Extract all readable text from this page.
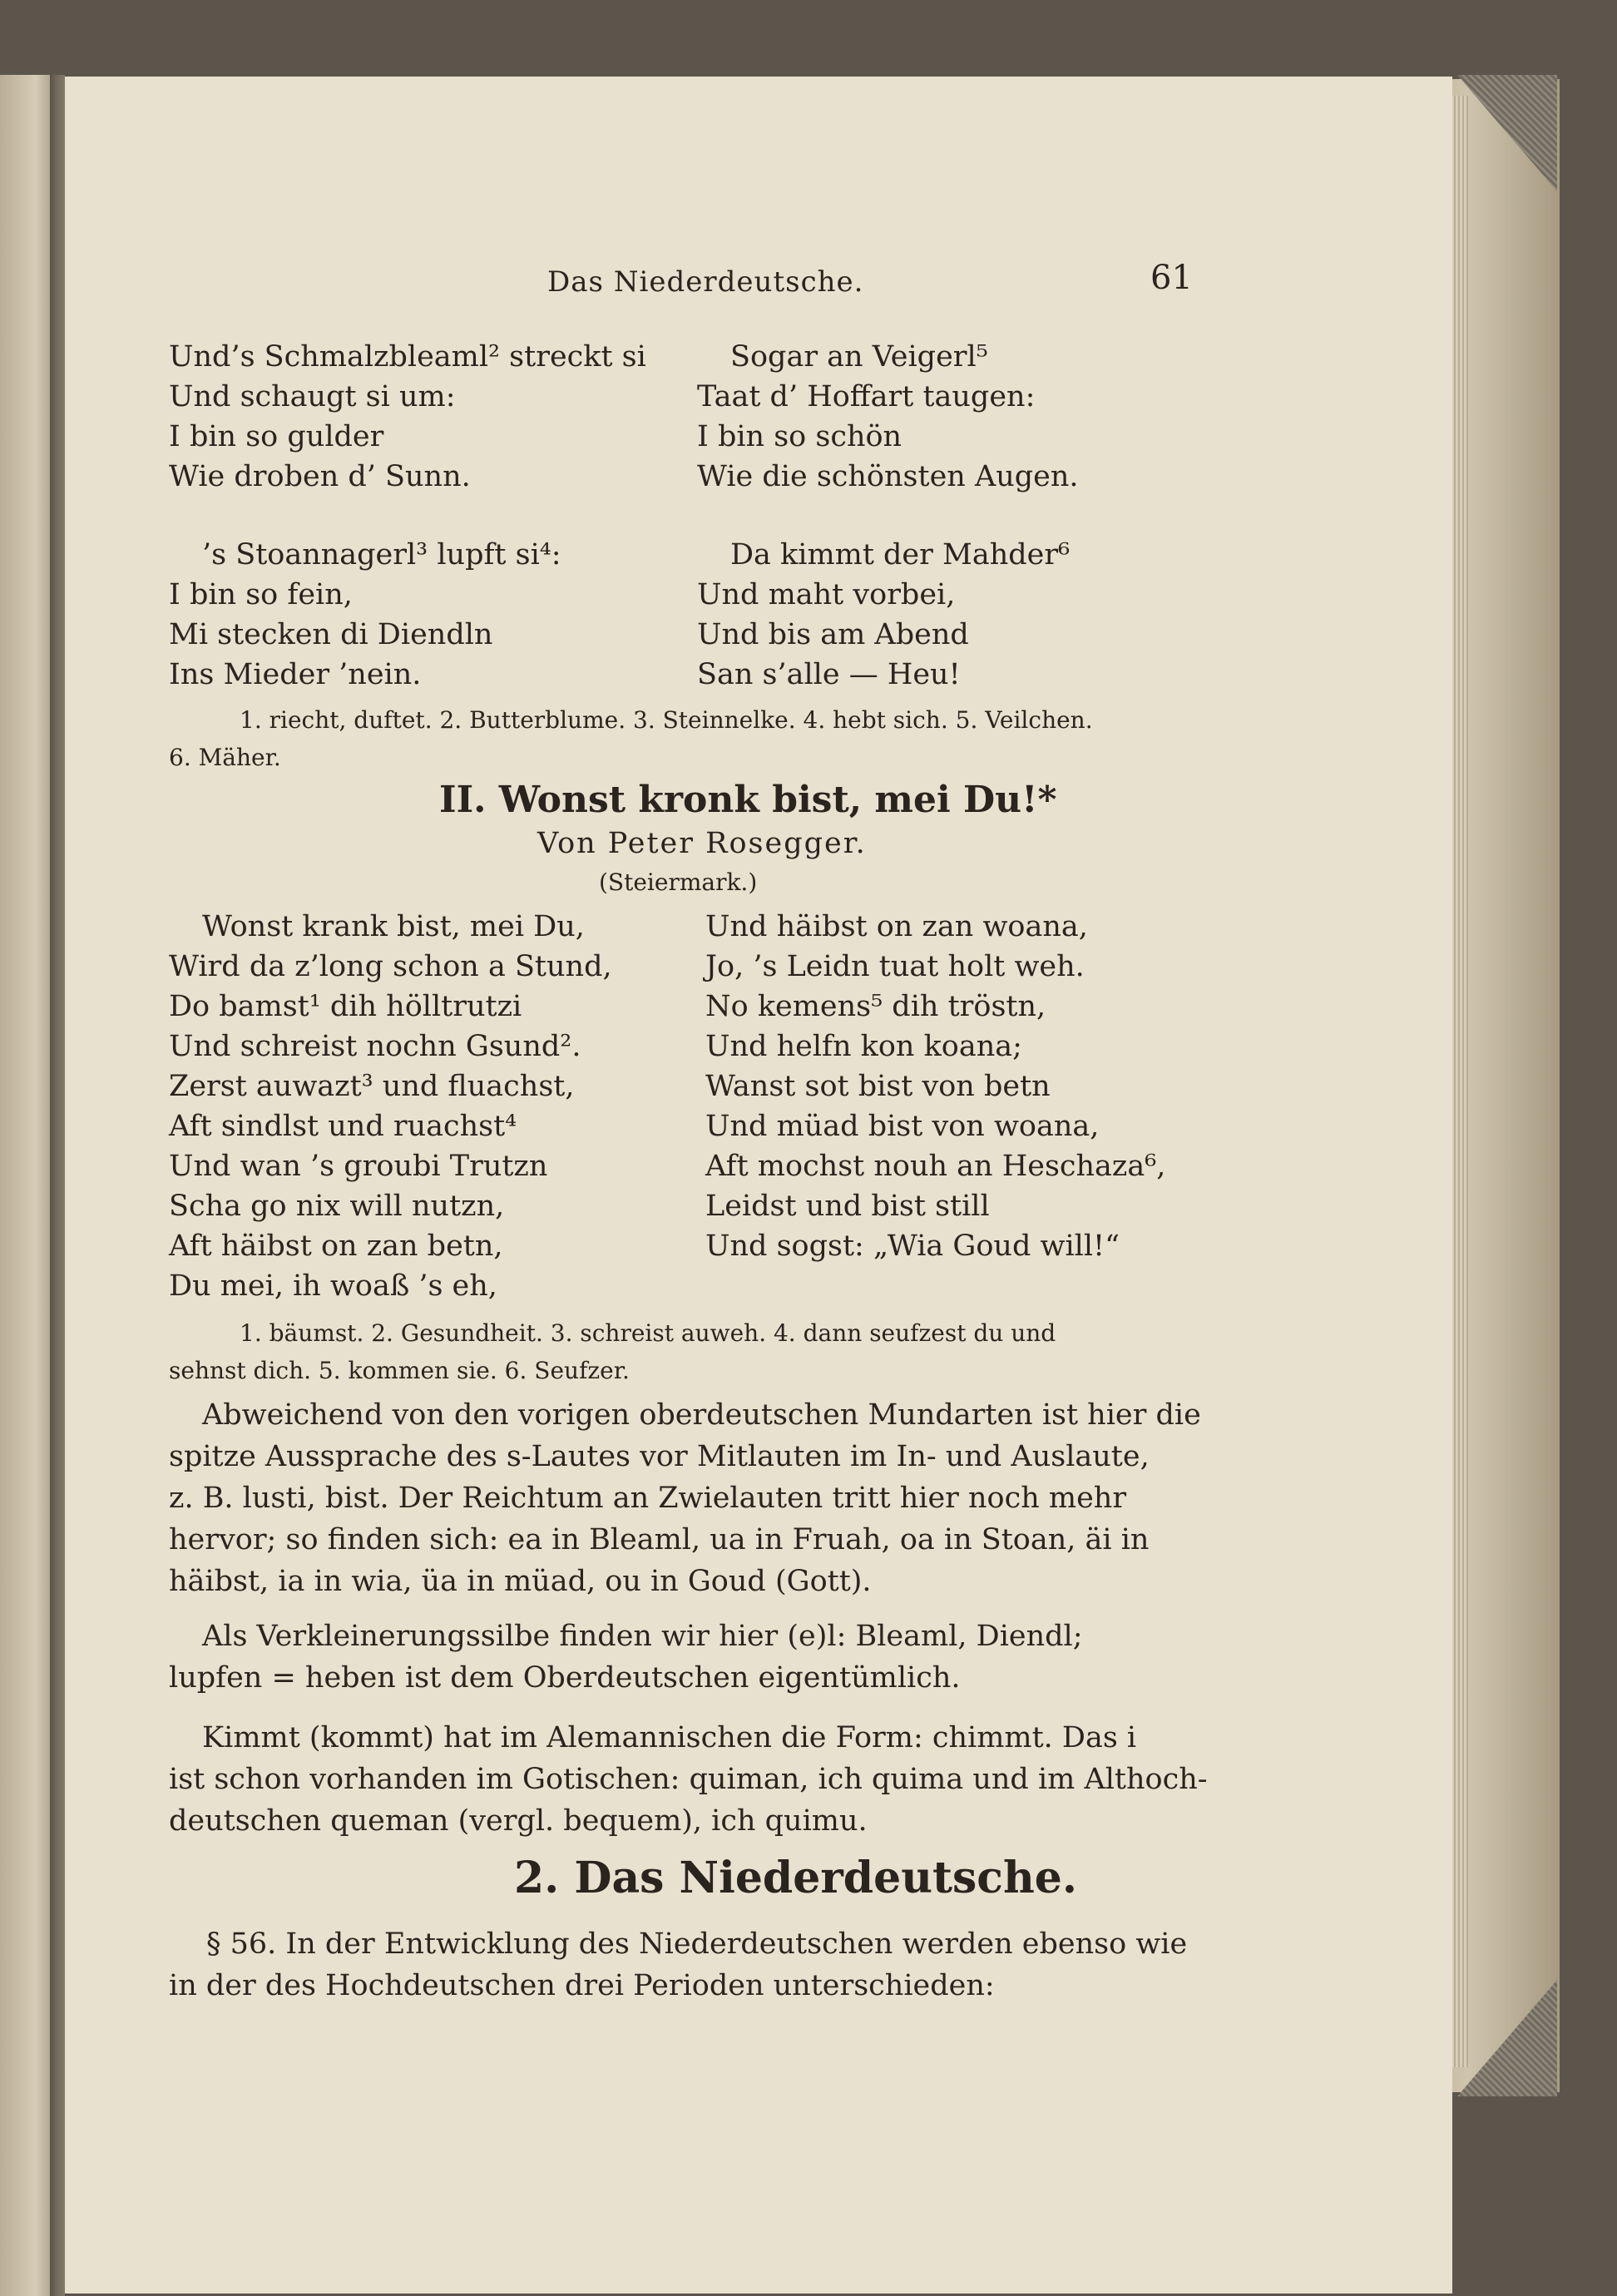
Das Niederdeutsche.	61
Und’s Schmalzbleaml² streckt si
Und schaugt si um:
I bin so gulder
Wie droben d’ Sunn.
’s Stoannagerl³ lupft si⁴:
I bin so fein,
Mi stecken di Diendln
Ins Mieder ’nein.
Sogar an Veigerl⁵
Taat d’ Hoffart taugen:
I bin so schön
Wie die schönsten Augen.
Da kimmt der Mahder⁶
Und maht vorbei,
Und bis am Abend
San s’alle — Heu!
1. riecht, duftet. 2. Butterblume. 3. Steinnelke. 4. hebt sich. 5. Veilchen.
6. Mäher.
II. Wonst kronk bist, mei Du!*
Von Peter Rosegger.
(Steiermark.)
Wonst krank bist, mei Du,
Wird da z’long schon a Stund,
Do bamst¹ dih hölltrutzi
Und schreist nochn Gsund².
Zerst auwazt³ und fluachst,
Aft sindlst und ruachst⁴
Und wan ’s groubi Trutzn
Scha go nix will nutzn,
Aft häibst on zan betn,
Du mei, ih woaß ’s eh,
Und häibst on zan woana,
Jo, ’s Leidn tuat holt weh.
No kemens⁵ dih tröstn,
Und helfn kon koana;
Wanst sot bist von betn
Und müad bist von woana,
Aft mochst nouh an Heschaza⁶,
Leidst und bist still
Und sogst: „Wia Goud will!“
1. bäumst. 2. Gesundheit. 3. schreist auweh. 4. dann seufzest du und
sehnst dich. 5. kommen sie. 6. Seufzer.
Abweichend von den vorigen oberdeutschen Mundarten ist hier die
spitze Aussprache des s-Lautes vor Mitlauten im In- und Auslaute,
z. B. lusti, bist. Der Reichtum an Zwielauten tritt hier noch mehr
hervor; so finden sich: ea in Bleaml, ua in Fruah, oa in Stoan, äi in
häibst, ia in wia, üa in müad, ou in Goud (Gott).
Als Verkleinerungssilbe finden wir hier (e)l: Bleaml, Diendl;
lupfen = heben ist dem Oberdeutschen eigentümlich.
Kimmt (kommt) hat im Alemannischen die Form: chimmt. Das i
ist schon vorhanden im Gotischen: quiman, ich quima und im Althoch-
deutschen queman (vergl. bequem), ich quimu.
2. Das Niederdeutsche.
§ 56. In der Entwicklung des Niederdeutschen werden ebenso wie
in der des Hochdeutschen drei Perioden unterschieden:
